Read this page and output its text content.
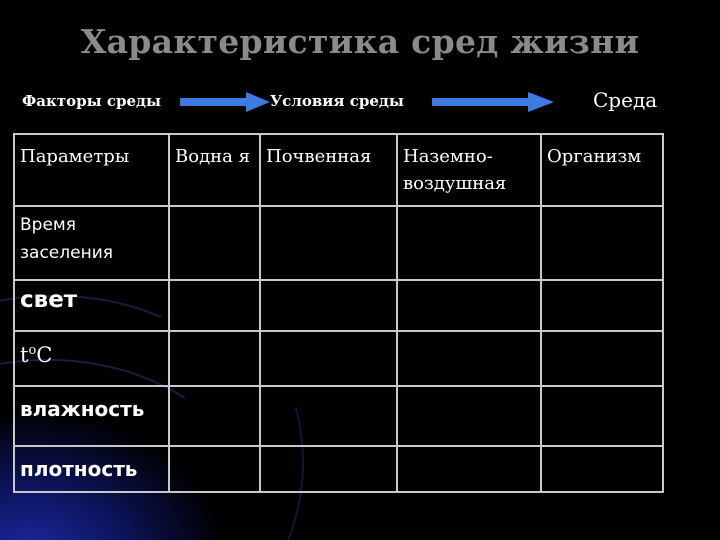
Характеристика сред жизни
Факторы среды	Условия среды	Среда
Параметры	Водна я	Почвенная	Наземно- воздушная	Организм
Время заселения				
свет				
$t^oC$				
влажность				
плотность				
